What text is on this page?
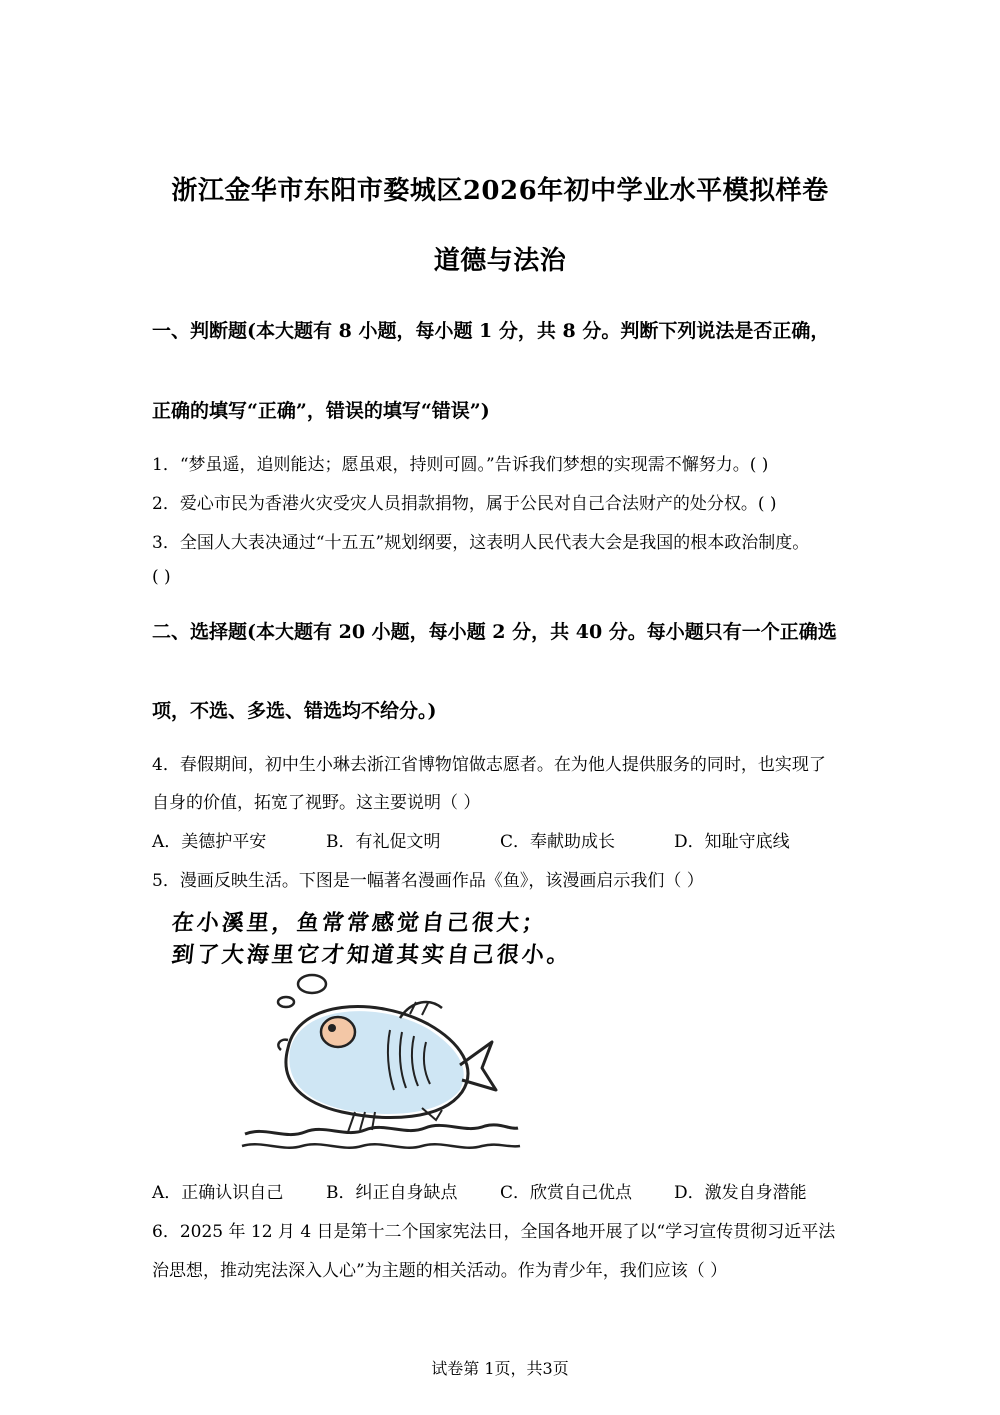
浙江金华市东阳市婺城区2026年初中学业水平模拟样卷
道德与法治
一、判断题(本大题有 8 小题，每小题 1 分，共 8 分。判断下列说法是否正确，
正确的填写“正确”，错误的填写“错误”)
1．“梦虽遥，追则能达；愿虽艰，持则可圆。”告诉我们梦想的实现需不懈努力。( )
2．爱心市民为香港火灾受灾人员捐款捐物，属于公民对自己合法财产的处分权。( )
3．全国人大表决通过“十五五”规划纲要，这表明人民代表大会是我国的根本政治制度。
( )
二、选择题(本大题有 20 小题，每小题 2 分，共 40 分。每小题只有一个正确选
项，不选、多选、错选均不给分。)
4．春假期间，初中生小琳去浙江省博物馆做志愿者。在为他人提供服务的同时，也实现了
自身的价值，拓宽了视野。这主要说明（ ）
A．美德护平安	B．有礼促文明	C．奉献助成长	D．知耻守底线
5．漫画反映生活。下图是一幅著名漫画作品《鱼》，该漫画启示我们（ ）
在小溪里，鱼常常感觉自己很大；
到了大海里它才知道其实自己很小。
A．正确认识自己	B．纠正自身缺点	C．欣赏自己优点 D．激发自身潜能
6．2025 年 12 月 4 日是第十二个国家宪法日，全国各地开展了以“学习宣传贯彻习近平法
治思想，推动宪法深入人心”为主题的相关活动。作为青少年，我们应该（ ）
试卷第 1页，共3页
